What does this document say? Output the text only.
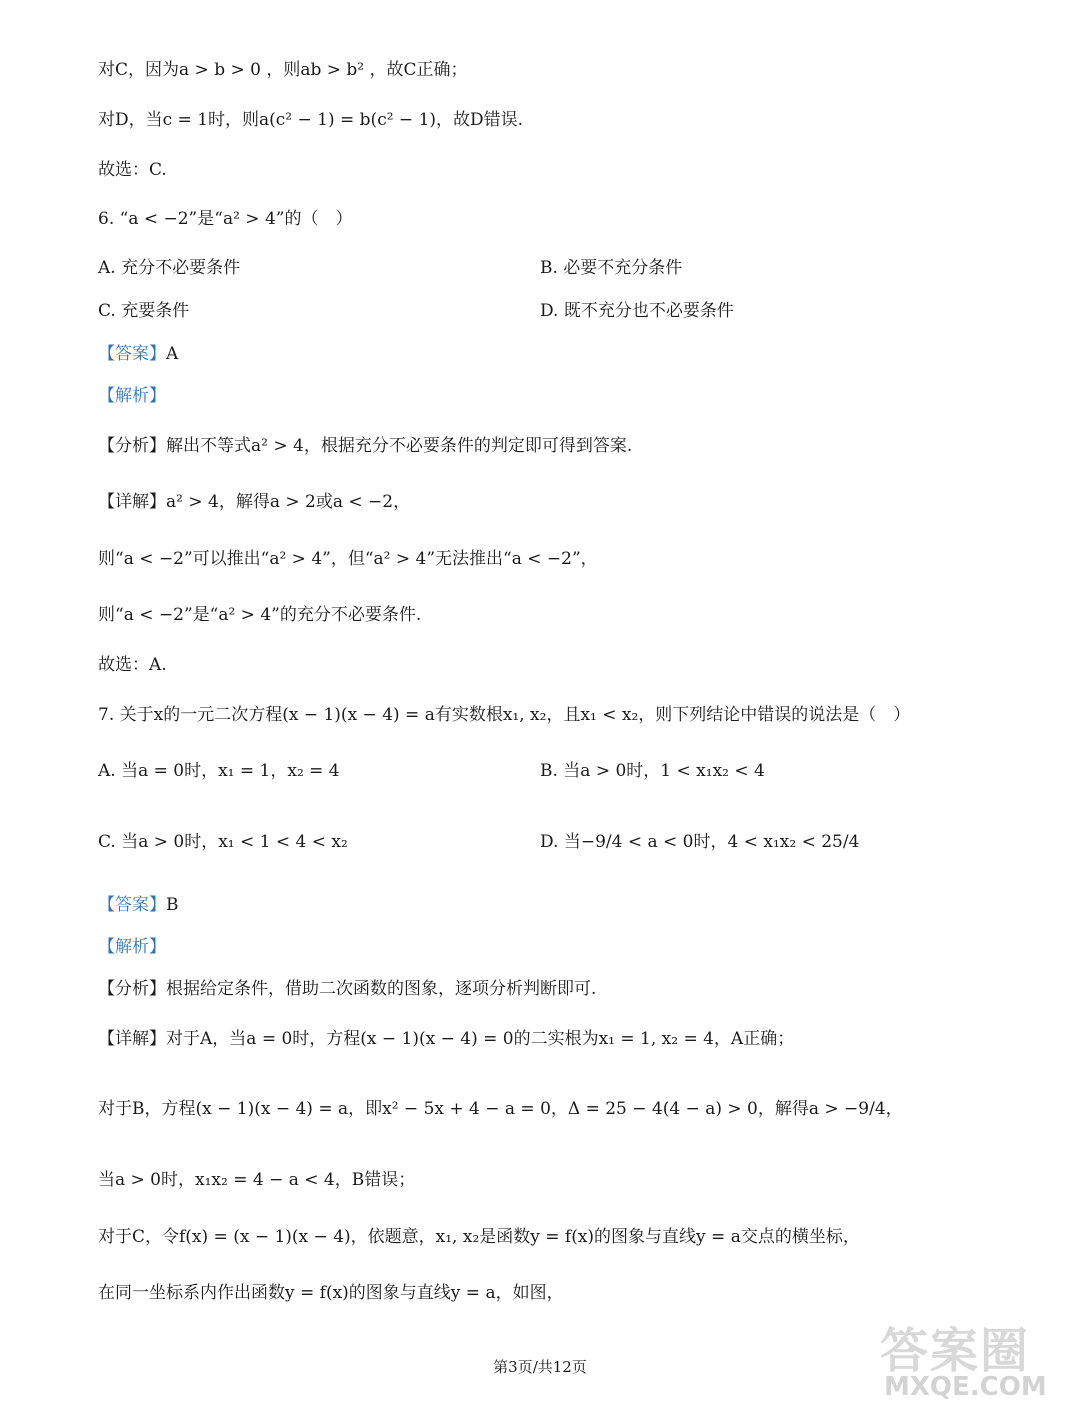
对C，因为a > b > 0 ，则ab > b² ，故C正确；
对D，当c = 1时，则a(c² − 1) = b(c² − 1)，故D错误.
故选：C.
6. “a < −2”是“a² > 4”的（　）
A. 充分不必要条件	B. 必要不充分条件
C. 充要条件	D. 既不充分也不必要条件
【答案】A
【解析】
【分析】解出不等式a² > 4，根据充分不必要条件的判定即可得到答案.
【详解】a² > 4，解得a > 2或a < −2，
则“a < −2”可以推出“a² > 4”，但“a² > 4”无法推出“a < −2”，
则“a < −2”是“a² > 4”的充分不必要条件.
故选：A.
7. 关于x的一元二次方程(x − 1)(x − 4) = a有实数根x₁, x₂，且x₁ < x₂，则下列结论中错误的说法是（　）
A. 当a = 0时，x₁ = 1，x₂ = 4	B. 当a > 0时，1 < x₁x₂ < 4
C. 当a > 0时，x₁ < 1 < 4 < x₂	D. 当−9/4 < a < 0时，4 < x₁x₂ < 25/4
【答案】B
【解析】
【分析】根据给定条件，借助二次函数的图象，逐项分析判断即可.
【详解】对于A，当a = 0时，方程(x − 1)(x − 4) = 0的二实根为x₁ = 1, x₂ = 4，A正确；
对于B，方程(x − 1)(x − 4) = a，即x² − 5x + 4 − a = 0，Δ = 25 − 4(4 − a) > 0，解得a > −9/4，
当a > 0时，x₁x₂ = 4 − a < 4，B错误；
对于C，令f(x) = (x − 1)(x − 4)，依题意，x₁, x₂是函数y = f(x)的图象与直线y = a交点的横坐标，
在同一坐标系内作出函数y = f(x)的图象与直线y = a，如图，
第3页/共12页	答案圈
MXQE.COM
